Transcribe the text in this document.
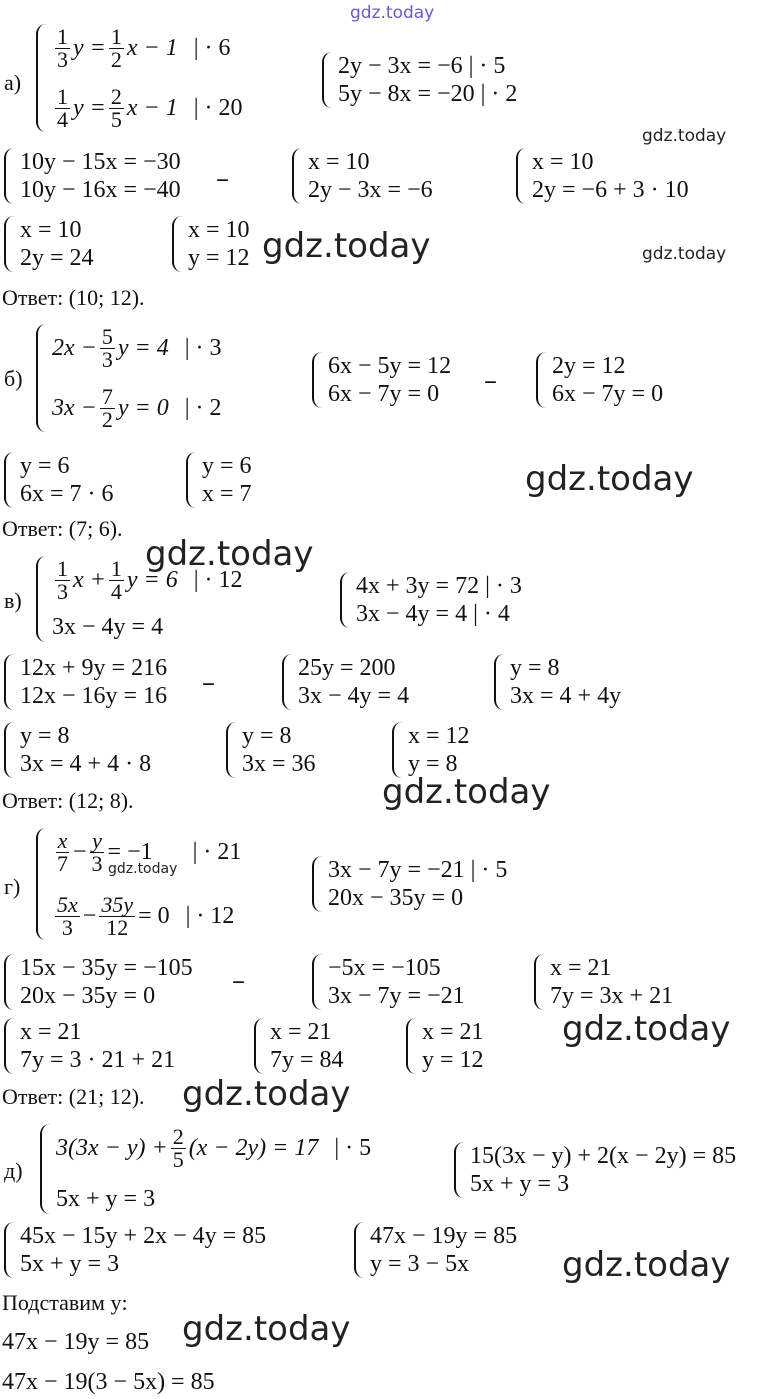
gdz.today
gdz.today
gdz.today	gdz.today
gdz.today
gdz.today
gdz.today
gdz.today
gdz.today
gdz.today
gdz.today
gdz.today
а)
$\frac{1}{3}$ $y = \frac{1}{2}$ x − 1 | · 6
$\frac{1}{4}$ $y = \frac{2}{5}$ x − 1 | · 20
2y − 3x = −6 | · 5
5y − 8x = −20 | · 2
10y − 15x = −30
10y − 16x = −40 –
x = 10
2y − 3x = −6
x = 10
2y = −6 + 3 · 10
x = 10
2y = 24
x = 10
y = 12
Ответ: (10; 12).
б)
$2x - \frac{5}{3}$ y = 4 | · 3
$3x - \frac{7}{2}$ y = 0 | · 2
6x − 5y = 12
6x − 7y = 0	– 2y = 12
6x − 7y = 0
y = 6
6x = 7 · 6
y = 6
x = 7
Ответ: (7; 6).
$в) \frac{1}{3}$ $x + \frac{1}{4}$ y = 6 | · 12
3x − 4y = 4
4x + 3y = 72 | · 3
3x − 4y = 4 | · 4
12x + 9y = 216
12x − 16y = 16 –	25y = 200
3x − 4y = 4
y = 8
3x = 4 + 4y
y = 8
3x = 4 + 4 · 8
y = 8
3x = 36
x = 12
y = 8
Ответ: (12; 8).
г)
$\frac{x}{7} - \frac{y}{3} = -1$ | · 21
$\frac{5x}{3} - \frac{35y}{12} = 0$ | · 12
3x − 7y = −21 | · 5
20x − 35y = 0
15x − 35y = −105
20x − 35y = 0	–	−5x = −105
3x − 7y = −21
x = 21
7y = 3x + 21
x = 21
7y = 3 · 21 + 21
x = 21
7y = 84
x = 21
y = 12
Ответ: (21; 12).
д)
$3(3x - y) + \frac{2}{5} (x - 2y) = 17$ | · 5
5x + y = 3
15(3x − y) + 2(x − 2y) = 85
5x + y = 3
45x − 15y + 2x − 4y = 85
5x + y = 3
47x − 19y = 85
y = 3 − 5x
Подставим y:
47x − 19y = 85
47x − 19(3 − 5x) = 85
